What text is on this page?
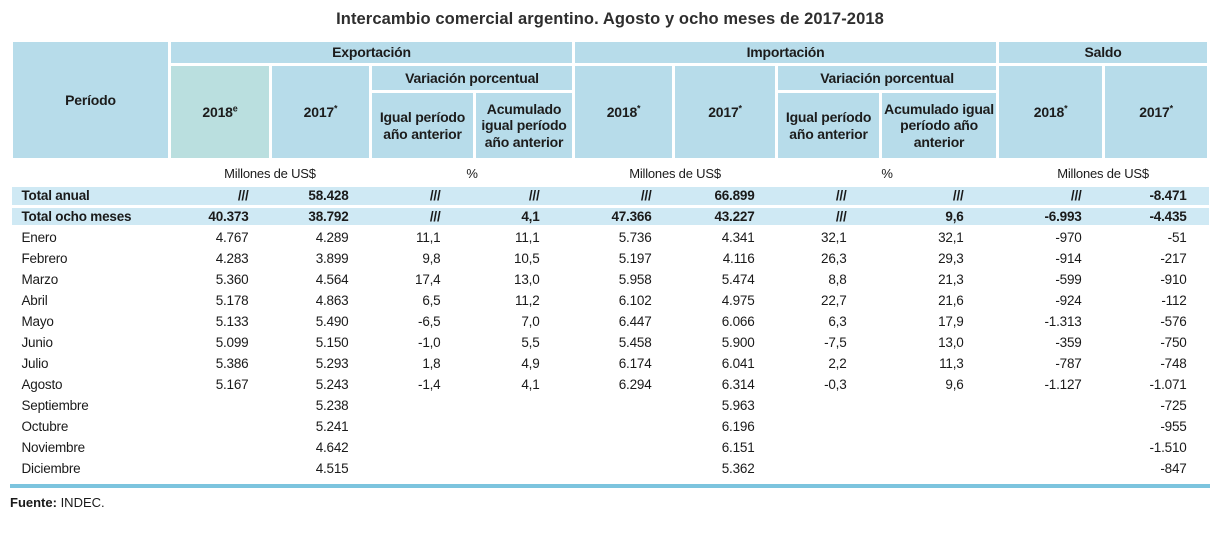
Intercambio comercial argentino. Agosto y ocho meses de 2017-2018
Período	Exportación				Importación				Saldo	
	2018e	2017*	Variación porcentual		2018*	2017*	Variación porcentual		2018*	2017*
			Igual período año anterior	Acumulado igual período año anterior			Igual período año anterior	Acumulado igual período año anterior		
	Millones de US$		%		Millones de US$		%		Millones de US$	
Total anual	///	58.428	///	///	///	66.899	///	///	///	-8.471
Total ocho meses	40.373	38.792	///	4,1	47.366	43.227	///	9,6	-6.993	-4.435
Enero	4.767	4.289	11,1	11,1	5.736	4.341	32,1	32,1	-970	-51
Febrero	4.283	3.899	9,8	10,5	5.197	4.116	26,3	29,3	-914	-217
Marzo	5.360	4.564	17,4	13,0	5.958	5.474	8,8	21,3	-599	-910
Abril	5.178	4.863	6,5	11,2	6.102	4.975	22,7	21,6	-924	-112
Mayo	5.133	5.490	-6,5	7,0	6.447	6.066	6,3	17,9	-1.313	-576
Junio	5.099	5.150	-1,0	5,5	5.458	5.900	-7,5	13,0	-359	-750
Julio	5.386	5.293	1,8	4,9	6.174	6.041	2,2	11,3	-787	-748
Agosto	5.167	5.243	-1,4	4,1	6.294	6.314	-0,3	9,6	-1.127	-1.071
Septiembre		5.238				5.963				-725
Octubre		5.241				6.196				-955
Noviembre		4.642				6.151				-1.510
Diciembre		4.515				5.362				-847
Fuente: INDEC.
